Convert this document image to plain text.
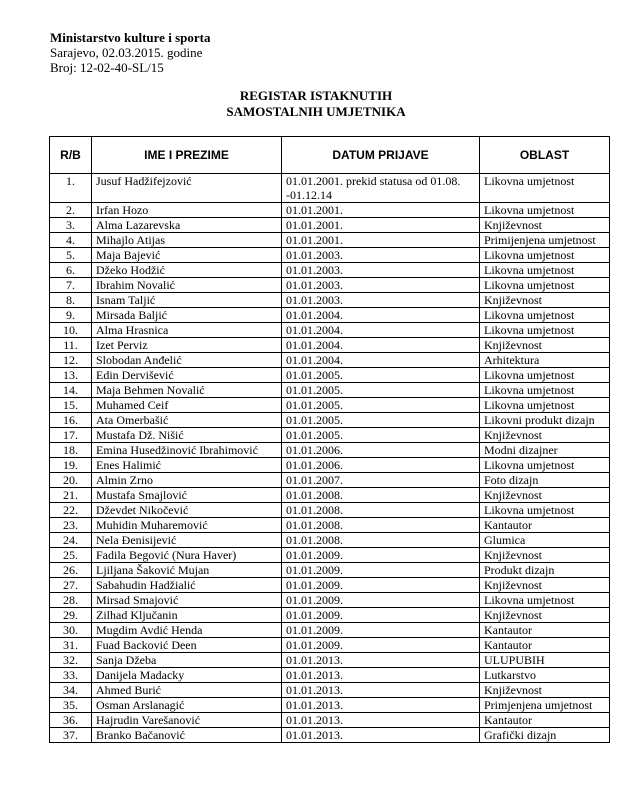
Ministarstvo kulture i sporta
Sarajevo, 02.03.2015. godine
Broj: 12-02-40-SL/15
REGISTAR ISTAKNUTIH
SAMOSTALNIH UMJETNIKA
R/B	IME I PREZIME	DATUM PRIJAVE	OBLAST
1.	Jusuf Hadžifejzović	01.01.2001. prekid statusa od 01.08. -01.12.14	Likovna umjetnost
2.	Irfan Hozo	01.01.2001.	Likovna umjetnost
3.	Alma Lazarevska	01.01.2001.	Književnost
4.	Mihajlo Atijas	01.01.2001.	Primijenjena umjetnost
5.	Maja Bajević	01.01.2003.	Likovna umjetnost
6.	Džeko Hodžić	01.01.2003.	Likovna umjetnost
7.	Ibrahim Novalić	01.01.2003.	Likovna umjetnost
8.	Isnam Taljić	01.01.2003.	Književnost
9.	Mirsada Baljić	01.01.2004.	Likovna umjetnost
10.	Alma Hrasnica	01.01.2004.	Likovna umjetnost
11.	Izet Perviz	01.01.2004.	Književnost
12.	Slobodan Anđelić	01.01.2004.	Arhitektura
13.	Edin Dervišević	01.01.2005.	Likovna umjetnost
14.	Maja Behmen Novalić	01.01.2005.	Likovna umjetnost
15.	Muhamed Ceif	01.01.2005.	Likovna umjetnost
16.	Ata Omerbašić	01.01.2005.	Likovni produkt dizajn
17.	Mustafa Dž. Nišić	01.01.2005.	Književnost
18.	Emina Husedžinović Ibrahimović	01.01.2006.	Modni dizajner
19.	Enes Halimić	01.01.2006.	Likovna umjetnost
20.	Almin Zrno	01.01.2007.	Foto dizajn
21.	Mustafa Smajlović	01.01.2008.	Književnost
22.	Dževdet Nikočević	01.01.2008.	Likovna umjetnost
23.	Muhidin Muharemović	01.01.2008.	Kantautor
24.	Nela Đenisijević	01.01.2008.	Glumica
25.	Fadila Begović (Nura Haver)	01.01.2009.	Književnost
26.	Ljiljana Šaković Mujan	01.01.2009.	Produkt dizajn
27.	Sabahudin Hadžialić	01.01.2009.	Književnost
28.	Mirsad Smajović	01.01.2009.	Likovna umjetnost
29.	Zilhad Ključanin	01.01.2009.	Književnost
30.	Mugdim Avdić Henda	01.01.2009.	Kantautor
31.	Fuad Backović Deen	01.01.2009.	Kantautor
32.	Sanja Džeba	01.01.2013.	ULUPUBIH
33.	Danijela Madacky	01.01.2013.	Lutkarstvo
34.	Ahmed Burić	01.01.2013.	Književnost
35.	Osman Arslanagić	01.01.2013.	Primjenjena umjetnost
36.	Hajrudin Varešanović	01.01.2013.	Kantautor
37.	Branko Bačanović	01.01.2013.	Grafički dizajn
